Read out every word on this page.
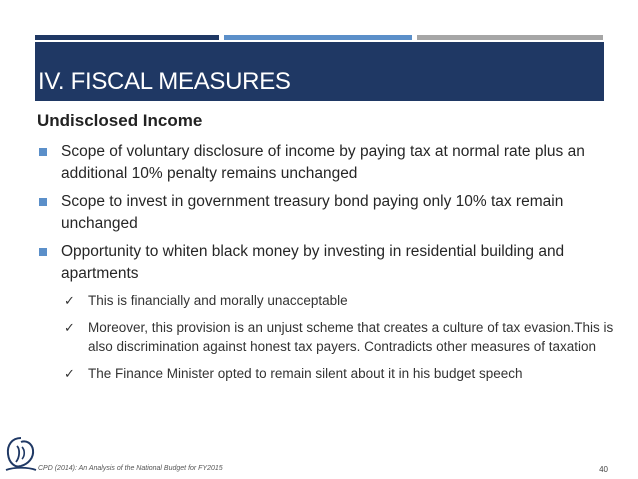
IV. FISCAL MEASURES
Undisclosed Income
Scope of voluntary disclosure of income by paying tax at normal rate plus an additional 10% penalty remains unchanged
Scope to invest in government treasury bond paying only 10% tax remain unchanged
Opportunity to whiten black money by investing in residential building and apartments
✓ This is financially and morally unacceptable
✓ Moreover, this provision is an unjust scheme that creates a culture of tax evasion.This is also discrimination against honest tax payers. Contradicts other measures of taxation
✓ The Finance Minister opted to remain silent about it in his budget speech
CPD (2014): An Analysis of the National Budget for FY2015	40
